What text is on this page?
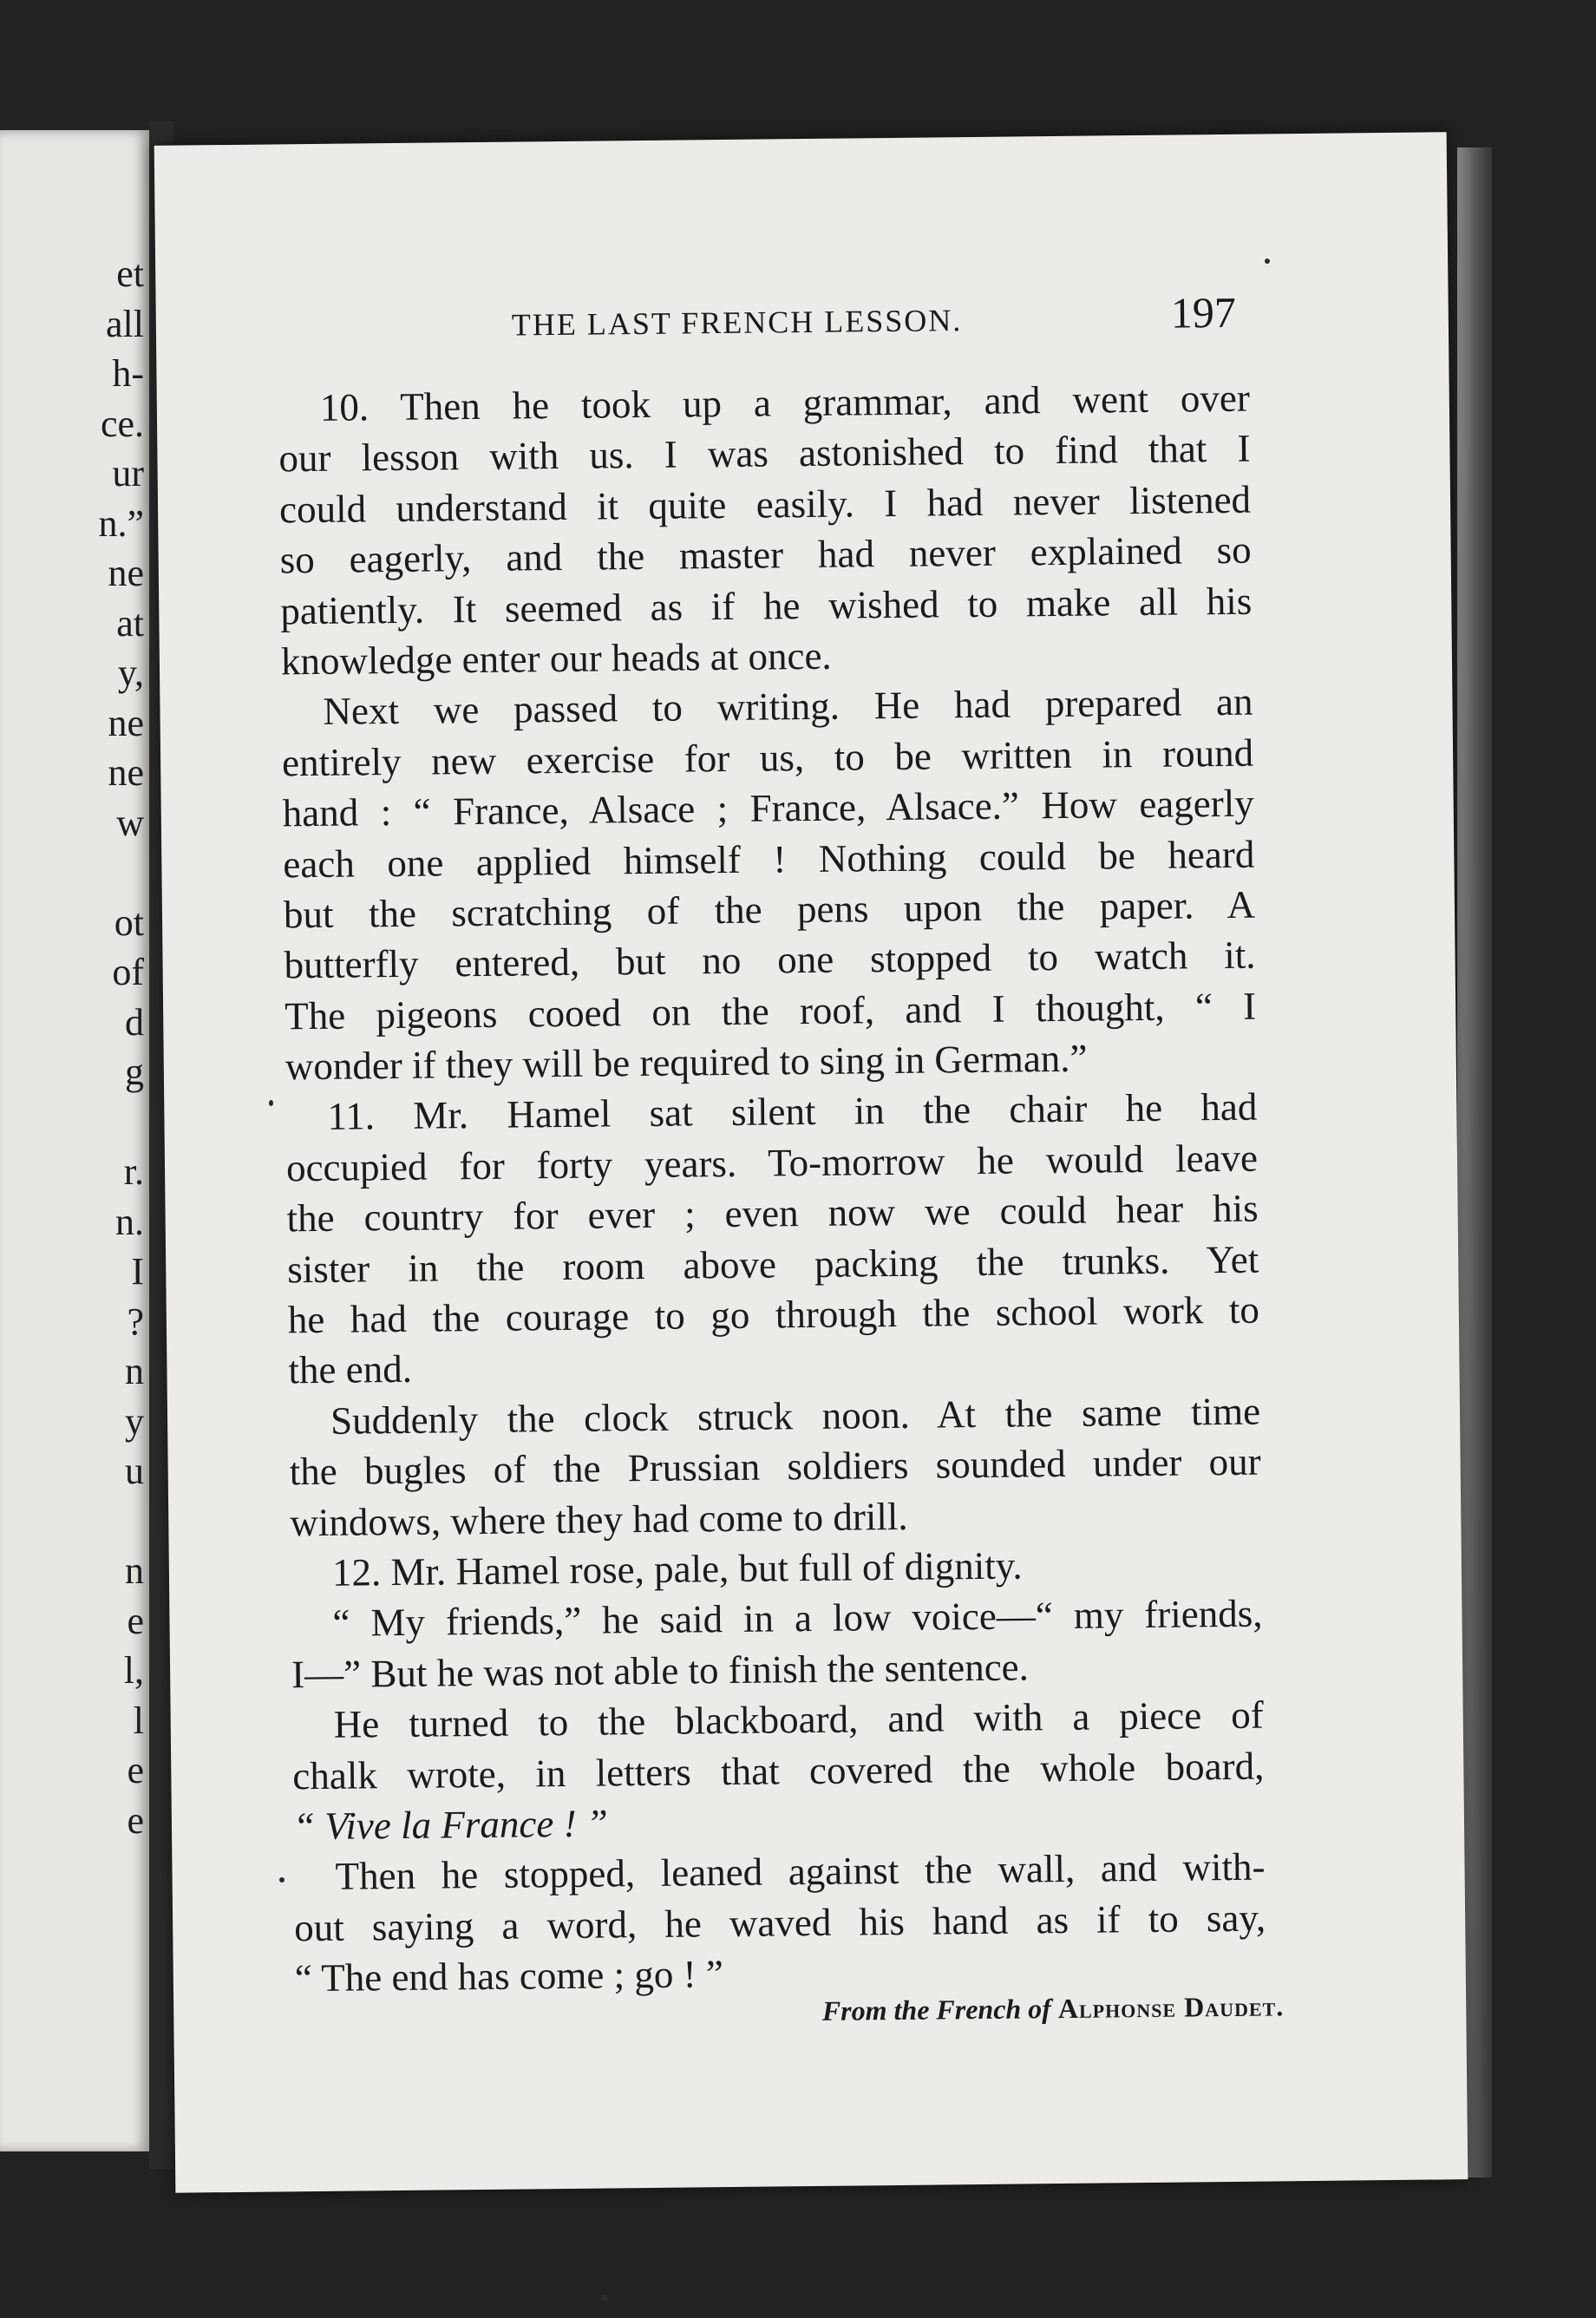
et
all
h-
ce.
ur
n.”
ne
at
y,
ne
ne
w
ot
of
d
g
r.
n.
I
?
n
y
u
n
e
l,
l
e
e
THE LAST FRENCH LESSON.	197
10. Then he took up a grammar, and went over
our lesson with us. I was astonished to find that I
could understand it quite easily. I had never listened
so eagerly, and the master had never explained so
patiently. It seemed as if he wished to make all his
knowledge enter our heads at once.
Next we passed to writing. He had prepared an
entirely new exercise for us, to be written in round
hand : “ France, Alsace ; France, Alsace.” How eagerly
each one applied himself ! Nothing could be heard
but the scratching of the pens upon the paper. A
butterfly entered, but no one stopped to watch it.
The pigeons cooed on the roof, and I thought, “ I
wonder if they will be required to sing in German.”
11. Mr. Hamel sat silent in the chair he had
occupied for forty years. To-morrow he would leave
the country for ever ; even now we could hear his
sister in the room above packing the trunks. Yet
he had the courage to go through the school work to
the end.
Suddenly the clock struck noon. At the same time
the bugles of the Prussian soldiers sounded under our
windows, where they had come to drill.
12. Mr. Hamel rose, pale, but full of dignity.
“ My friends,” he said in a low voice—“ my friends,
I—” But he was not able to finish the sentence.
He turned to the blackboard, and with a piece of
chalk wrote, in letters that covered the whole board,
“ Vive la France ! ”
Then he stopped, leaned against the wall, and with-
out saying a word, he waved his hand as if to say,
“ The end has come ; go ! ”
From the French of Alphonse Daudet.
